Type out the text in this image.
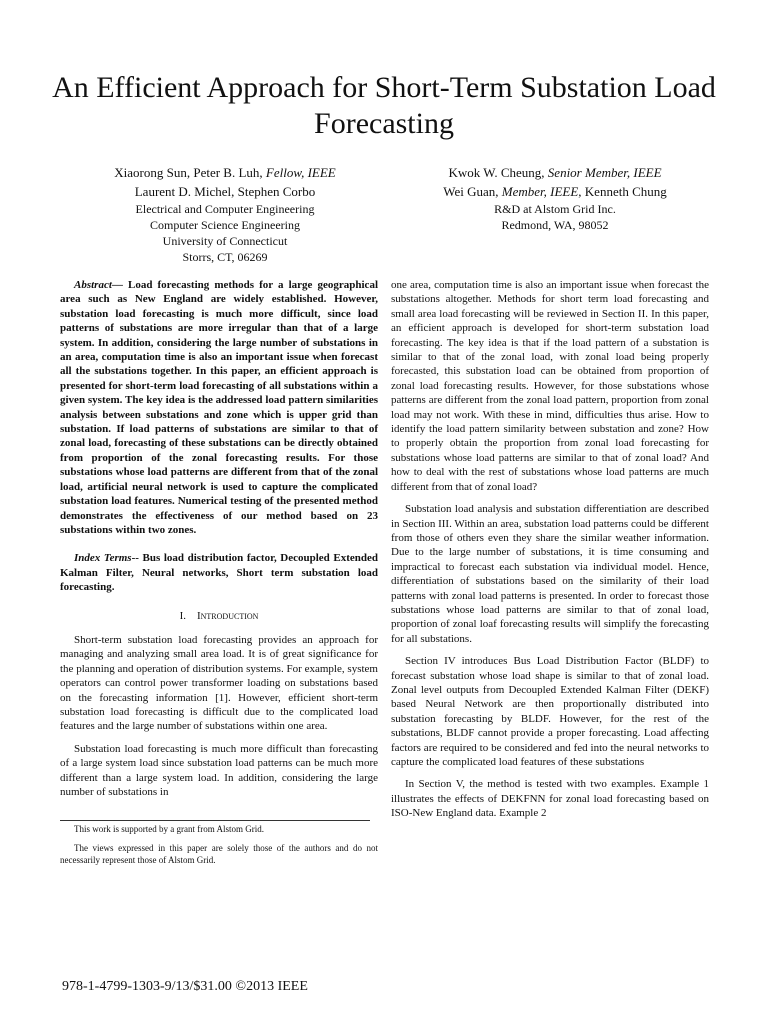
An Efficient Approach for Short-Term Substation Load Forecasting
Xiaorong Sun, Peter B. Luh, Fellow, IEEE
Laurent D. Michel, Stephen Corbo
Electrical and Computer Engineering
Computer Science Engineering
University of Connecticut
Storrs, CT, 06269
Kwok W. Cheung, Senior Member, IEEE
Wei Guan, Member, IEEE, Kenneth Chung
R&D at Alstom Grid Inc.
Redmond, WA, 98052

Abstract— Load forecasting methods for a large geographical area such as New England are widely established. However, substation load forecasting is much more difficult, since load patterns of substations are more irregular than that of a large system. In addition, considering the large number of substations in an area, computation time is also an important issue when forecast all the substations together. In this paper, an efficient approach is presented for short-term load forecasting of all substations within a given system. The key idea is the addressed load pattern similarities analysis between substations and zone which is upper grid than substation. If load patterns of substations are similar to that of zonal load, forecasting of these substations can be directly obtained from proportion of the zonal forecasting results. For those substations whose load patterns are different from that of the zonal load, artificial neural network is used to capture the complicated substation load features. Numerical testing of the presented method demonstrates the effectiveness of our method based on 23 substations within two zones.

Index Terms-- Bus load distribution factor, Decoupled Extended Kalman Filter, Neural networks, Short term substation load forecasting.

I. Introduction

Short-term substation load forecasting provides an approach for managing and analyzing small area load. It is of great significance for the planning and operation of distribution systems. For example, system operators can control power transformer loading on substations based on the forecasting information [1]. However, efficient short-term substation load forecasting is difficult due to the complicated load features and the large number of substations within one area.

Substation load forecasting is much more difficult than forecasting of a large system load since substation load patterns can be much more different than a large system load. In addition, considering the large number of substations in

one area, computation time is also an important issue when forecast the substations altogether. Methods for short term load forecasting and small area load forecasting will be reviewed in Section II. In this paper, an efficient approach is developed for short-term substation load forecasting. The key idea is that if the load pattern of a substation is similar to that of the zonal load, with zonal load being properly forecasted, this substation load can be obtained from proportion of zonal load forecasting results. However, for those substations whose patterns are different from the zonal load pattern, proportion from zonal load may not work. With these in mind, difficulties thus arise. How to identify the load pattern similarity between substation and zone? How to properly obtain the proportion from zonal load forecasting for substations whose load patterns are similar to that of zonal load? And how to deal with the rest of substations whose load patterns are much different from that of zonal load?

Substation load analysis and substation differentiation are described in Section III. Within an area, substation load patterns could be different from those of others even they share the similar weather information. Due to the large number of substations, it is time consuming and impractical to forecast each substation via individual model. Hence, differentiation of substations based on the similarity of their load patterns with zonal load patterns is presented. In order to forecast those substations whose load patterns are similar to that of zonal load, proportion of zonal loaf forecasting results will simplify the forecasting for all substations.

Section IV introduces Bus Load Distribution Factor (BLDF) to forecast substation whose load shape is similar to that of zonal load. Zonal level outputs from Decoupled Extended Kalman Filter (DEKF) based Neural Network are then proportionally distributed into substation forecasting by BLDF. However, for the rest of the substations, BLDF cannot provide a proper forecasting. Load affecting factors are required to be considered and fed into the neural networks to capture the complicated load features of these substations

In Section V, the method is tested with two examples. Example 1 illustrates the effects of DEKFNN for zonal load forecasting based on ISO-New England data. Example 2

This work is supported by a grant from Alstom Grid.

The views expressed in this paper are solely those of the authors and do not necessarily represent those of Alstom Grid.

978-1-4799-1303-9/13/$31.00 ©2013 IEEE
